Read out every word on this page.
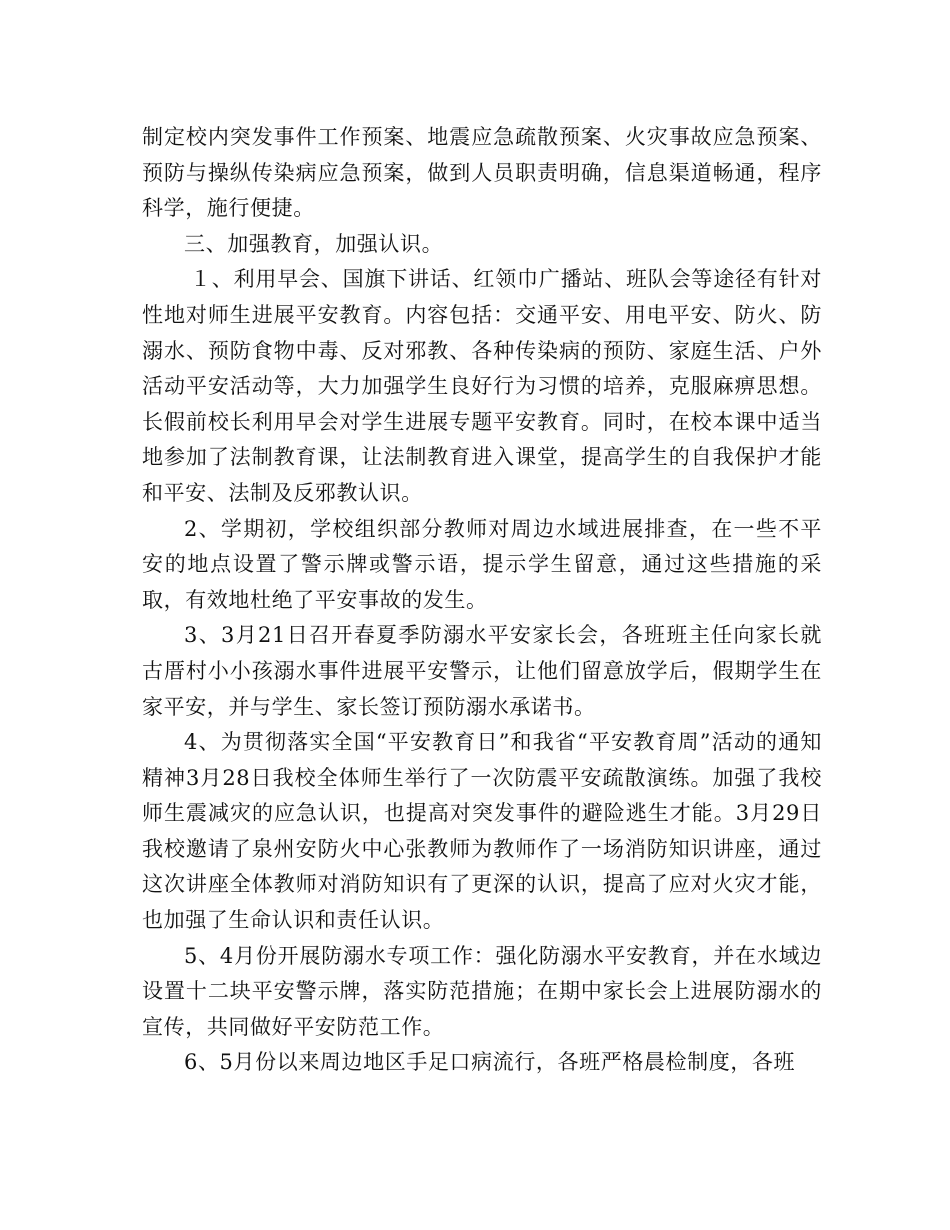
制定校内突发事件工作预案、地震应急疏散预案、火灾事故应急预案、预防与操纵传染病应急预案，做到人员职责明确，信息渠道畅通，程序科学，施行便捷。

三、加强教育，加强认识。

１、利用早会、国旗下讲话、红领巾广播站、班队会等途径有针对性地对师生进展平安教育。内容包括：交通平安、用电平安、防火、防溺水、预防食物中毒、反对邪教、各种传染病的预防、家庭生活、户外活动平安活动等，大力加强学生良好行为习惯的培养，克服麻痹思想。长假前校长利用早会对学生进展专题平安教育。同时，在校本课中适当地参加了法制教育课，让法制教育进入课堂，提高学生的自我保护才能和平安、法制及反邪教认识。

2、学期初，学校组织部分教师对周边水域进展排查，在一些不平安的地点设置了警示牌或警示语，提示学生留意，通过这些措施的采取，有效地杜绝了平安事故的发生。

3、3月21日召开春夏季防溺水平安家长会，各班班主任向家长就古厝村小小孩溺水事件进展平安警示，让他们留意放学后，假期学生在家平安，并与学生、家长签订预防溺水承诺书。

4、为贯彻落实全国“平安教育日”和我省“平安教育周”活动的通知精神3月28日我校全体师生举行了一次防震平安疏散演练。加强了我校师生震减灾的应急认识，也提高对突发事件的避险逃生才能。3月29日我校邀请了泉州安防火中心张教师为教师作了一场消防知识讲座，通过这次讲座全体教师对消防知识有了更深的认识，提高了应对火灾才能，也加强了生命认识和责任认识。

5、4月份开展防溺水专项工作：强化防溺水平安教育，并在水域边设置十二块平安警示牌，落实防范措施；在期中家长会上进展防溺水的宣传，共同做好平安防范工作。

6、5月份以来周边地区手足口病流行，各班严格晨检制度，各班
